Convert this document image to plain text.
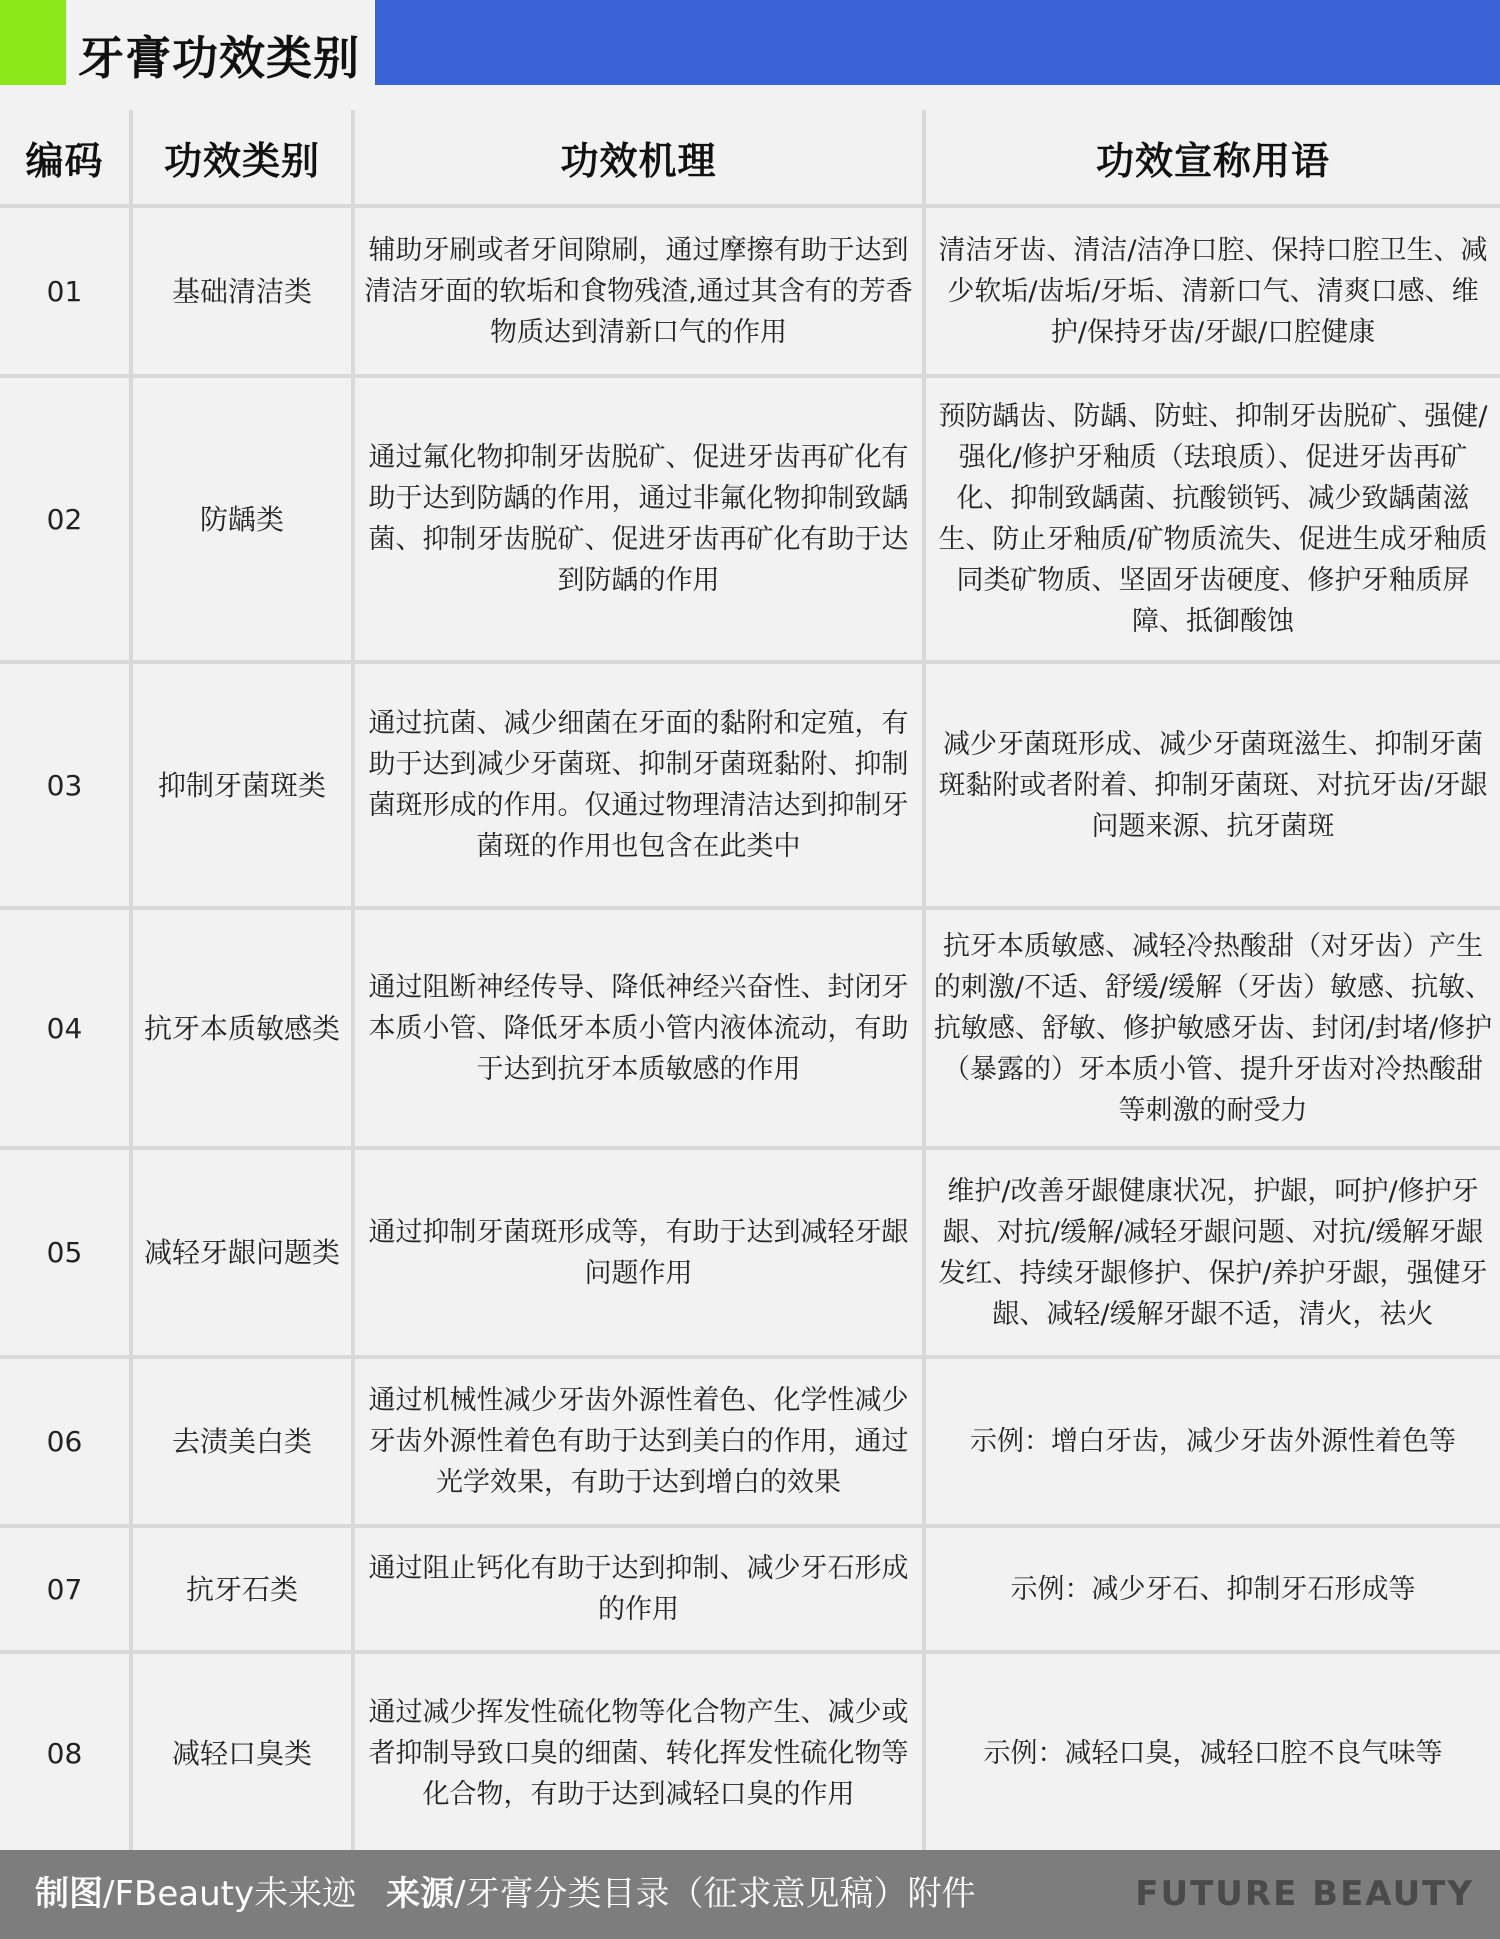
牙膏功效类别
编码	功效类别	功效机理	功效宣称用语
01	基础清洁类	辅助牙刷或者牙间隙刷，通过摩擦有助于达到清洁牙面的软垢和食物残渣,通过其含有的芳香物质达到清新口气的作用	清洁牙齿、清洁/洁净口腔、保持口腔卫生、减少软垢/齿垢/牙垢、清新口气、清爽口感、维护/保持牙齿/牙龈/口腔健康
02	防龋类	通过氟化物抑制牙齿脱矿、促进牙齿再矿化有助于达到防龋的作用，通过非氟化物抑制致龋菌、抑制牙齿脱矿、促进牙齿再矿化有助于达到防龋的作用	预防龋齿、防龋、防蛀、抑制牙齿脱矿、强健/强化/修护牙釉质（珐琅质）、促进牙齿再矿化、抑制致龋菌、抗酸锁钙、减少致龋菌滋生、防止牙釉质/矿物质流失、促进生成牙釉质同类矿物质、坚固牙齿硬度、修护牙釉质屏障、抵御酸蚀
03	抑制牙菌斑类	通过抗菌、减少细菌在牙面的黏附和定殖，有助于达到减少牙菌斑、抑制牙菌斑黏附、抑制菌斑形成的作用。仅通过物理清洁达到抑制牙菌斑的作用也包含在此类中	减少牙菌斑形成、减少牙菌斑滋生、抑制牙菌斑黏附或者附着、抑制牙菌斑、对抗牙齿/牙龈问题来源、抗牙菌斑
04	抗牙本质敏感类	通过阻断神经传导、降低神经兴奋性、封闭牙本质小管、降低牙本质小管内液体流动，有助于达到抗牙本质敏感的作用	抗牙本质敏感、减轻冷热酸甜（对牙齿）产生的刺激/不适、舒缓/缓解（牙齿）敏感、抗敏、抗敏感、舒敏、修护敏感牙齿、封闭/封堵/修护（暴露的）牙本质小管、提升牙齿对冷热酸甜等刺激的耐受力
05	减轻牙龈问题类	通过抑制牙菌斑形成等，有助于达到减轻牙龈问题作用	维护/改善牙龈健康状况，护龈，呵护/修护牙龈、对抗/缓解/减轻牙龈问题、对抗/缓解牙龈发红、持续牙龈修护、保护/养护牙龈，强健牙龈、减轻/缓解牙龈不适，清火，祛火
06	去渍美白类	通过机械性减少牙齿外源性着色、化学性减少牙齿外源性着色有助于达到美白的作用，通过光学效果，有助于达到增白的效果	示例：增白牙齿，减少牙齿外源性着色等
07	抗牙石类	通过阻止钙化有助于达到抑制、减少牙石形成的作用	示例：减少牙石、抑制牙石形成等
08	减轻口臭类	通过减少挥发性硫化物等化合物产生、减少或者抑制导致口臭的细菌、转化挥发性硫化物等化合物，有助于达到减轻口臭的作用	示例：减轻口臭，减轻口腔不良气味等
制图/FBeauty未来迹 来源/牙膏分类目录（征求意见稿）附件	FUTURE BEAUTY
